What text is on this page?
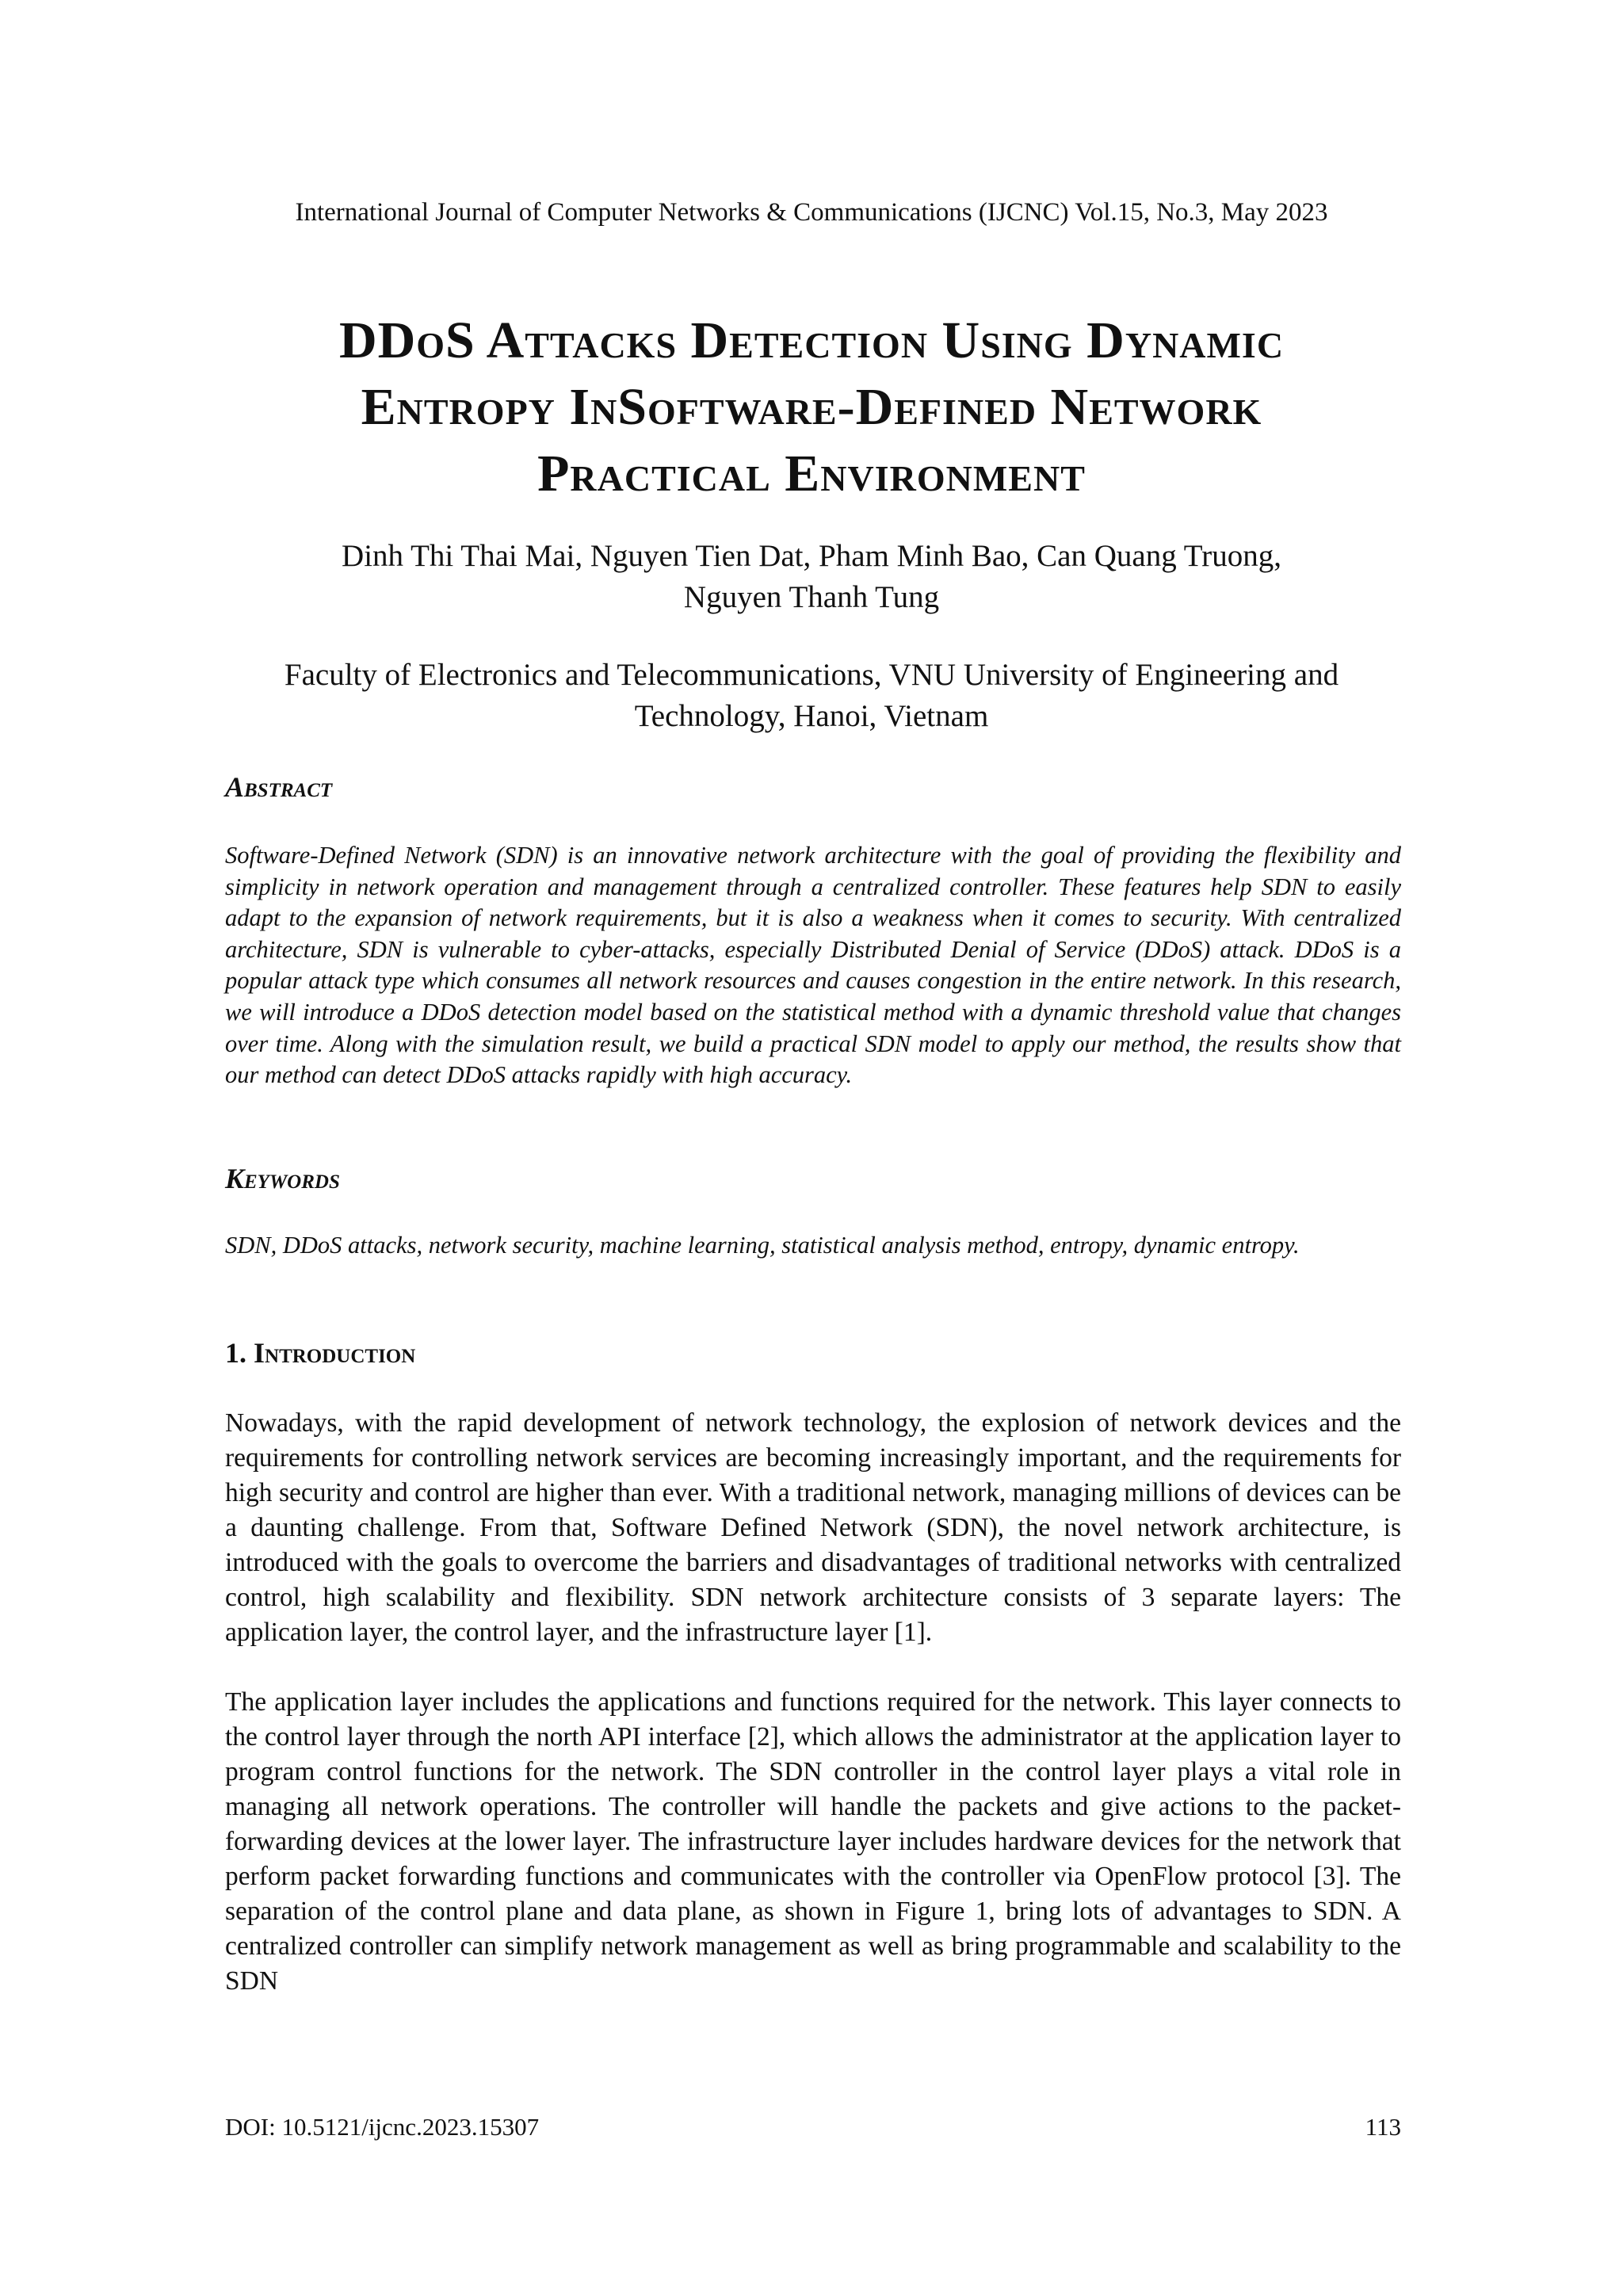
International Journal of Computer Networks & Communications (IJCNC) Vol.15, No.3, May 2023
DDoS Attacks Detection Using Dynamic
Entropy InSoftware-Defined Network
Practical Environment
Dinh Thi Thai Mai, Nguyen Tien Dat, Pham Minh Bao, Can Quang Truong,
Nguyen Thanh Tung
Faculty of Electronics and Telecommunications, VNU University of Engineering and
Technology, Hanoi, Vietnam
Abstract
Software-Defined Network (SDN) is an innovative network architecture with the goal of providing the flexibility and simplicity in network operation and management through a centralized controller. These features help SDN to easily adapt to the expansion of network requirements, but it is also a weakness when it comes to security. With centralized architecture, SDN is vulnerable to cyber-attacks, especially Distributed Denial of Service (DDoS) attack. DDoS is a popular attack type which consumes all network resources and causes congestion in the entire network. In this research, we will introduce a DDoS detection model based on the statistical method with a dynamic threshold value that changes over time. Along with the simulation result, we build a practical SDN model to apply our method, the results show that our method can detect DDoS attacks rapidly with high accuracy.
Keywords
SDN, DDoS attacks, network security, machine learning, statistical analysis method, entropy, dynamic entropy.
1. Introduction
Nowadays, with the rapid development of network technology, the explosion of network devices and the requirements for controlling network services are becoming increasingly important, and the requirements for high security and control are higher than ever. With a traditional network, managing millions of devices can be a daunting challenge. From that, Software Defined Network (SDN), the novel network architecture, is introduced with the goals to overcome the barriers and disadvantages of traditional networks with centralized control, high scalability and flexibility. SDN network architecture consists of 3 separate layers: The application layer, the control layer, and the infrastructure layer [1].
The application layer includes the applications and functions required for the network. This layer connects to the control layer through the north API interface [2], which allows the administrator at the application layer to program control functions for the network. The SDN controller in the control layer plays a vital role in managing all network operations. The controller will handle the packets and give actions to the packet- forwarding devices at the lower layer. The infrastructure layer includes hardware devices for the network that perform packet forwarding functions and communicates with the controller via OpenFlow protocol [3]. The separation of the control plane and data plane, as shown in Figure 1, bring lots of advantages to SDN. A centralized controller can simplify network management as well as bring programmable and scalability to the SDN
DOI: 10.5121/ijcnc.2023.15307	113
